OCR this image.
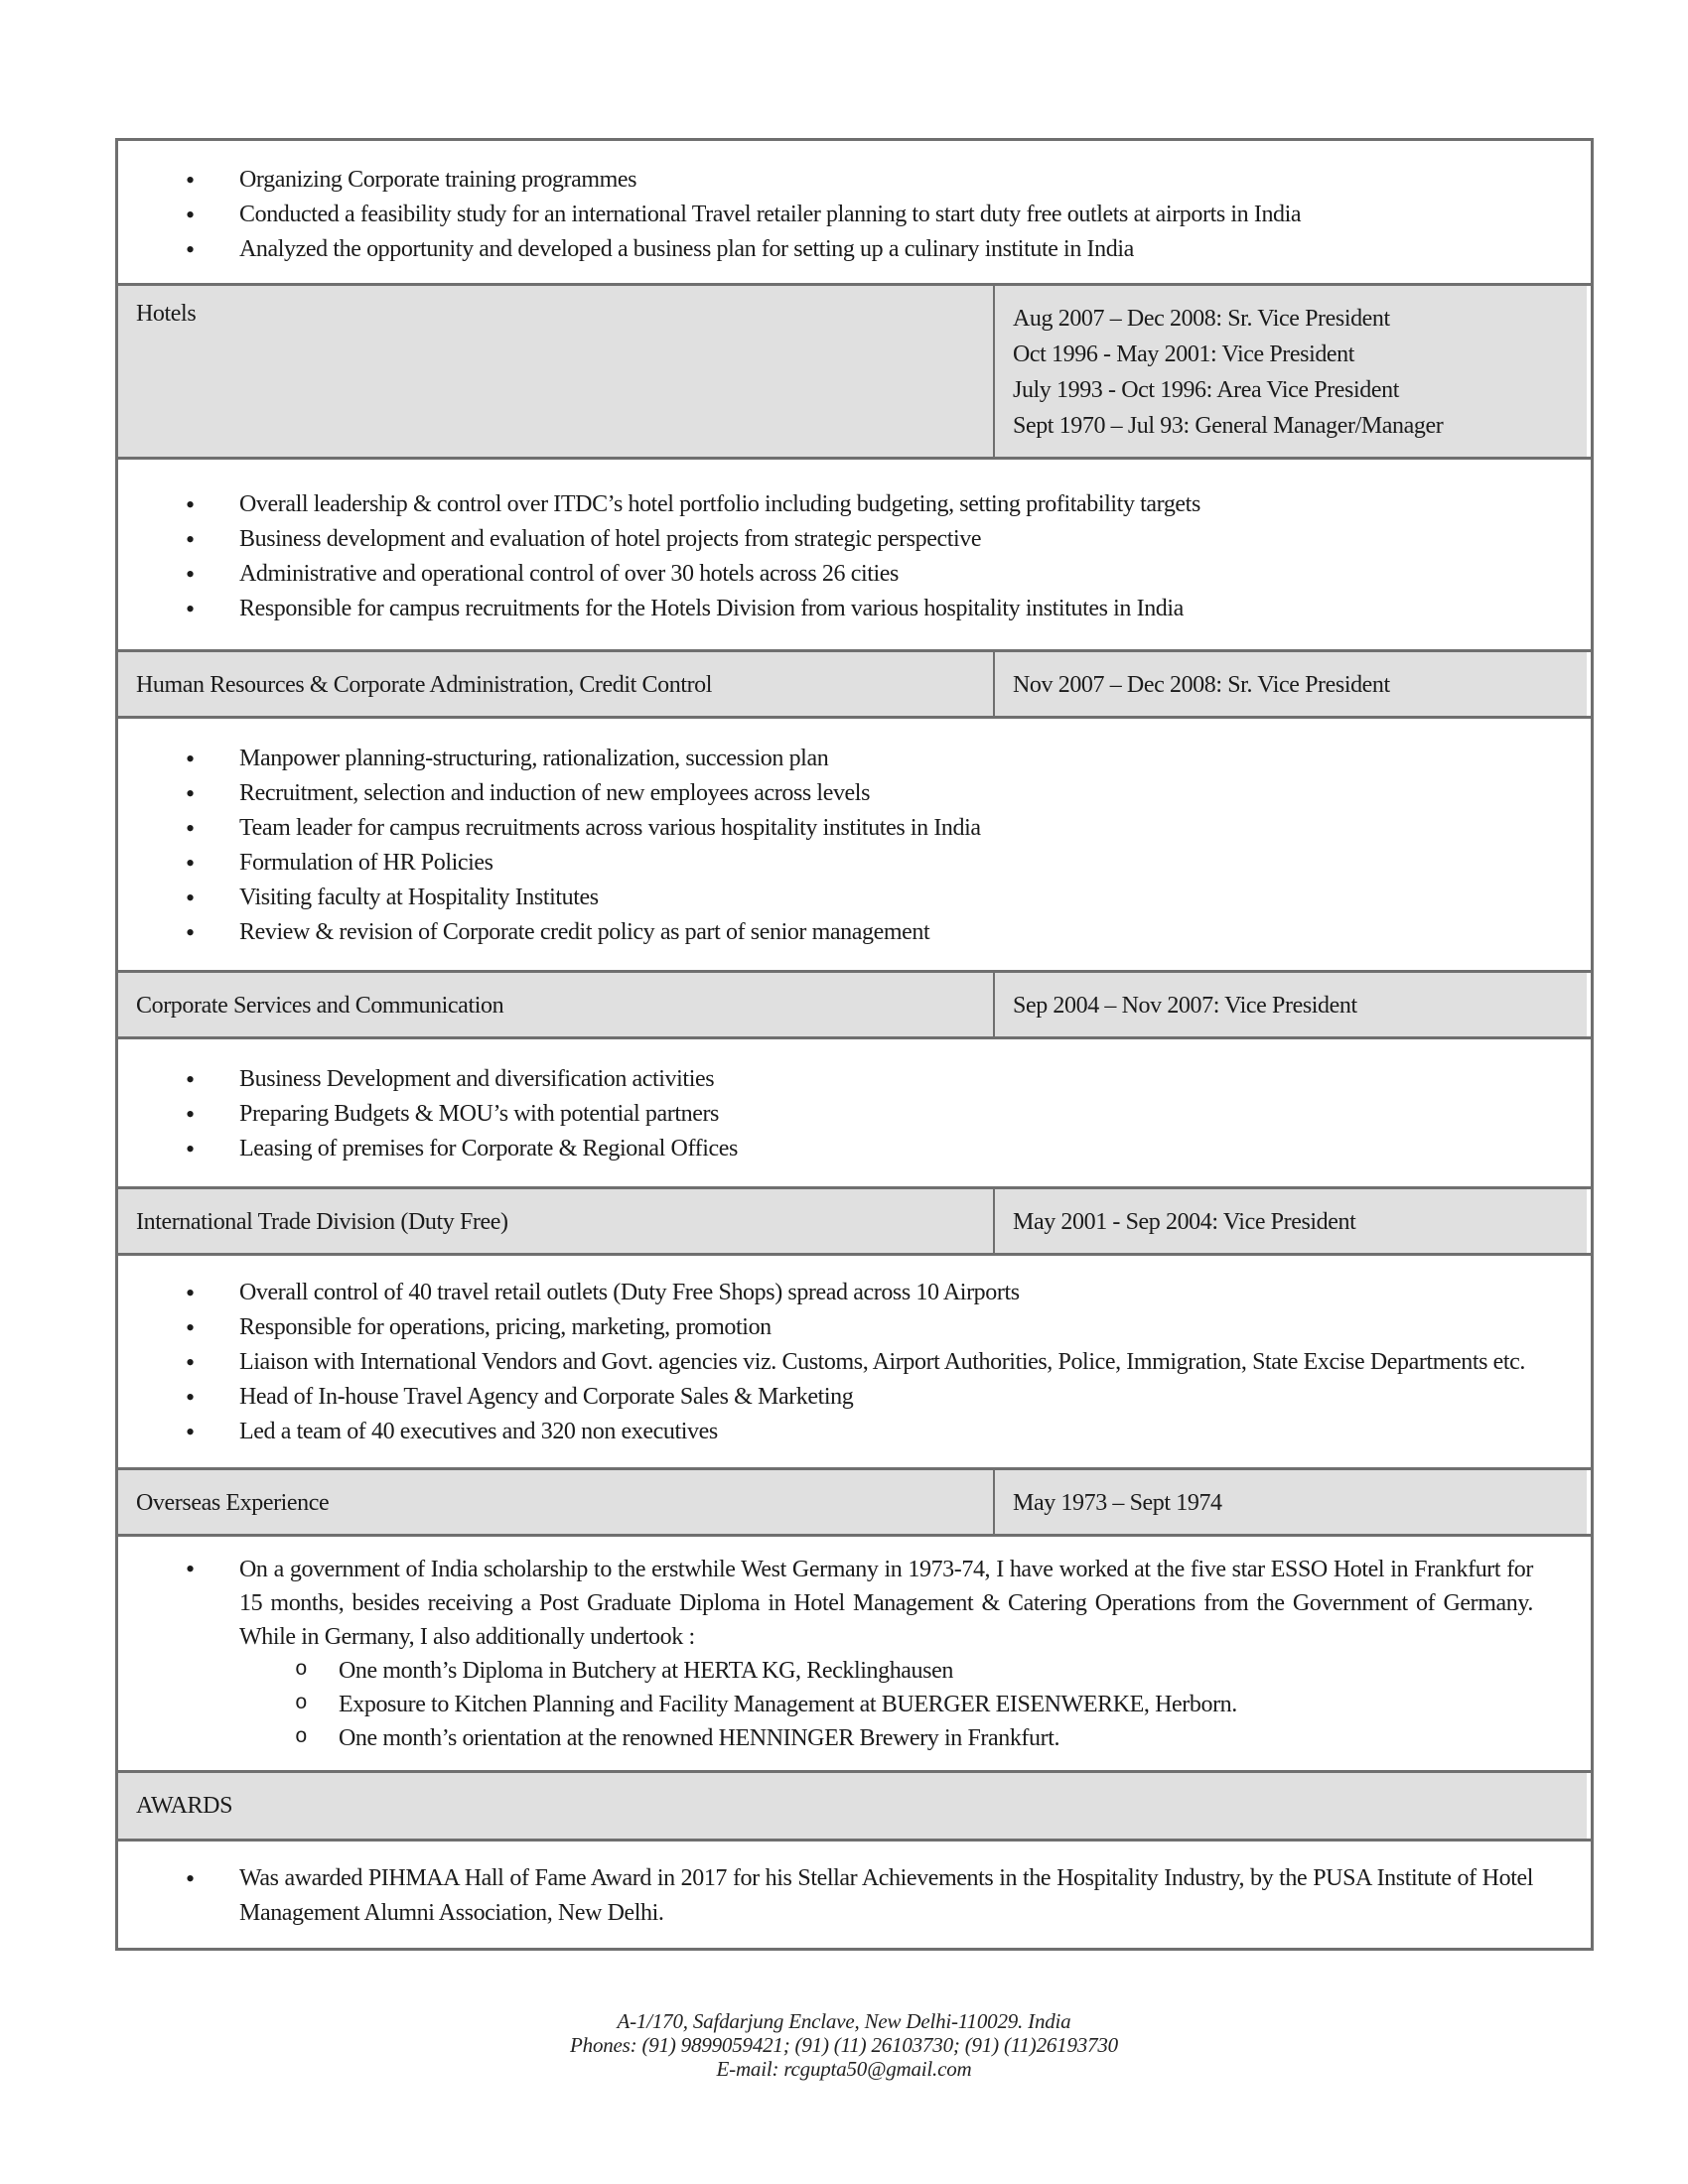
• Organizing Corporate training programmes
• Conducted a feasibility study for an international Travel retailer planning to start duty free outlets at airports in India
• Analyzed the opportunity and developed a business plan for setting up a culinary institute in India
Hotels	Aug 2007 – Dec 2008: Sr. Vice President
Oct 1996 - May 2001: Vice President
July 1993 - Oct 1996: Area Vice President
Sept 1970 – Jul 93: General Manager/Manager
• Overall leadership & control over ITDC’s hotel portfolio including budgeting, setting profitability targets
• Business development and evaluation of hotel projects from strategic perspective
• Administrative and operational control of over 30 hotels across 26 cities
• Responsible for campus recruitments for the Hotels Division from various hospitality institutes in India
Human Resources & Corporate Administration, Credit Control	Nov 2007 – Dec 2008: Sr. Vice President
• Manpower planning-structuring, rationalization, succession plan
• Recruitment, selection and induction of new employees across levels
• Team leader for campus recruitments across various hospitality institutes in India
• Formulation of HR Policies
• Visiting faculty at Hospitality Institutes
• Review & revision of Corporate credit policy as part of senior management
Corporate Services and Communication	Sep 2004 – Nov 2007: Vice President
• Business Development and diversification activities
• Preparing Budgets & MOU’s with potential partners
• Leasing of premises for Corporate & Regional Offices
International Trade Division (Duty Free)	May 2001 - Sep 2004: Vice President
• Overall control of 40 travel retail outlets (Duty Free Shops) spread across 10 Airports
• Responsible for operations, pricing, marketing, promotion
• Liaison with International Vendors and Govt. agencies viz. Customs, Airport Authorities, Police, Immigration, State Excise Departments etc.
• Head of In-house Travel Agency and Corporate Sales & Marketing
• Led a team of 40 executives and 320 non executives
Overseas Experience	May 1973 – Sept 1974
• On a government of India scholarship to the erstwhile West Germany in 1973-74, I have worked at the five star ESSO Hotel in Frankfurt for 15 months, besides receiving a Post Graduate Diploma in Hotel Management & Catering Operations from the Government of Germany. While in Germany, I also additionally undertook :
o One month’s Diploma in Butchery at HERTA KG, Recklinghausen
o Exposure to Kitchen Planning and Facility Management at BUERGER EISENWERKE, Herborn.
o One month’s orientation at the renowned HENNINGER Brewery in Frankfurt.
AWARDS
• Was awarded PIHMAA Hall of Fame Award in 2017 for his Stellar Achievements in the Hospitality Industry, by the PUSA Institute of Hotel Management Alumni Association, New Delhi.
A-1/170, Safdarjung Enclave, New Delhi-110029. India
Phones: (91) 9899059421; (91) (11) 26103730; (91) (11)26193730
E-mail: rcgupta50@gmail.com
